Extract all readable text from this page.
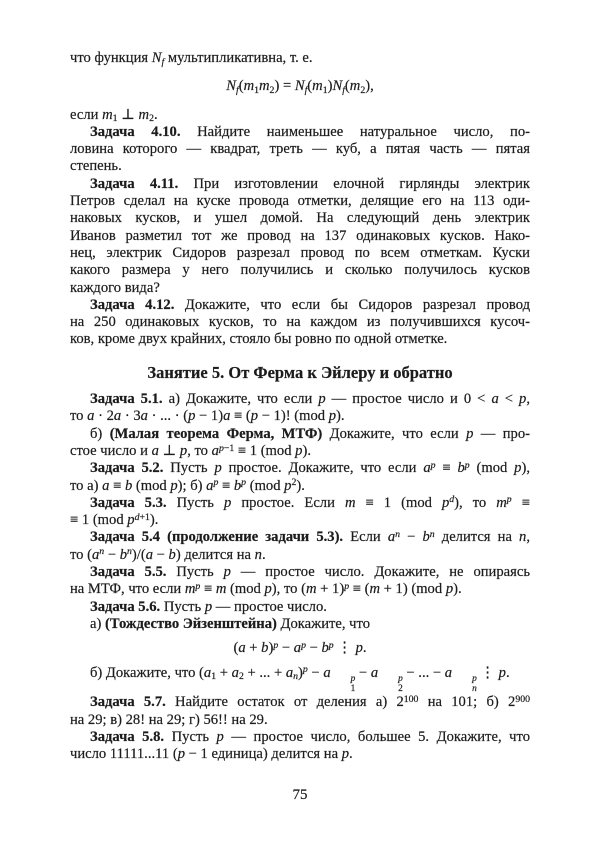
что функция Nf мультипликативна, т. е.
Nf(m1m2) = Nf(m1)Nf(m2),
если m1 ⊥ m2.
Задача 4.10. Найдите наименьшее натуральное число, по-
ловина которого — квадрат, треть — куб, а пятая часть — пятая
степень.
Задача 4.11. При изготовлении елочной гирлянды электрик
Петров сделал на куске провода отметки, делящие его на 113 оди-
наковых кусков, и ушел домой. На следующий день электрик
Иванов разметил тот же провод на 137 одинаковых кусков. Нако-
нец, электрик Сидоров разрезал провод по всем отметкам. Куски
какого размера у него получились и сколько получилось кусков
каждого вида?
Задача 4.12. Докажите, что если бы Сидоров разрезал провод
на 250 одинаковых кусков, то на каждом из получившихся кусоч-
ков, кроме двух крайних, стояло бы ровно по одной отметке.
Занятие 5. От Ферма к Эйлеру и обратно
Задача 5.1. а) Докажите, что если p — простое число и 0 < a < p,
то a · 2a · 3a · ... · (p − 1)a ≡ (p − 1)! (mod p).
б) (Малая теорема Ферма, МТФ) Докажите, что если p — про-
стое число и a ⊥ p, то $a^{p-1} \equiv 1$ (mod p).
Задача 5.2. Пусть p простое. Докажите, что если $a^p \equiv b^p$ (mod p),
то а) a ≡ b (mod p); б) $a^p \equiv b^p$ (mod $p^2$).
Задача 5.3. Пусть p простое. Если m ≡ 1 (mod $p^d$), то $m^p$ ≡
≡ 1 (mod $p^{d+1}$).
Задача 5.4 (продолжение задачи 5.3). Если $a^n - b^n$ делится на n,
то $(a^n - b^n)/(a - b)$ делится на n.
Задача 5.5. Пусть p — простое число. Докажите, не опираясь
на МТФ, что если $m^p \equiv m$ (mod p), то $(m + 1)^p \equiv (m + 1)$ (mod p).
Задача 5.6. Пусть p — простое число.
а) (Тождество Эйзенштейна) Докажите, что
$(a + b)^p - a^p - b^p$ ⋮ p.
б) Докажите, что (a1 + a2 + ... + an)$^p$ − a	p
1
− a	p
2
− ... − a	p
n
⋮ p.
Задача 5.7. Найдите остаток от деления а) $2^{100}$ на 101; б) $2^{900}$
на 29; в) 28! на 29; г) 56!! на 29.
Задача 5.8. Пусть p — простое число, большее 5. Докажите, что
число 11111...11 (p − 1 единица) делится на p.
75
